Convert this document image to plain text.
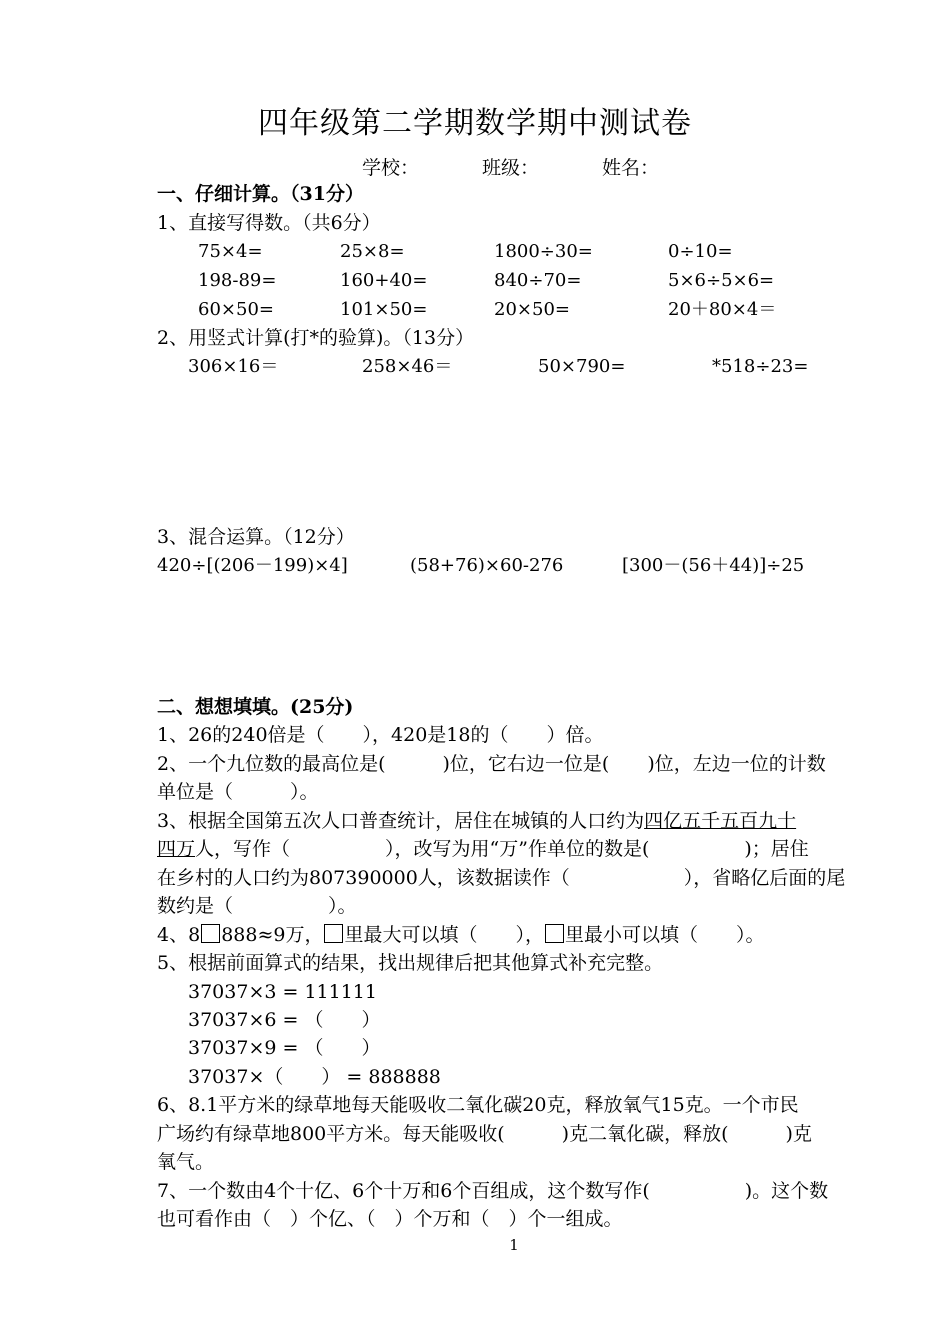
四年级第二学期数学期中测试卷
学校：	班级：	姓名：
一、仔细计算。（31分）
1、直接写得数。（共6分）
75×4=	25×8=	1800÷30=	0÷10=
198-89=	160+40=	840÷70=	5×6÷5×6=
60×50=	101×50=	20×50=	20＋80×4＝
2、用竖式计算(打*的验算)。（13分）
306×16＝	258×46＝	50×790=	*518÷23=
3、混合运算。（12分）
420÷[(206－199)×4]	(58+76)×60-276	[300－(56＋44)]÷25
二、想想填填。(25分)
1、26的240倍是（　　），420是18的（　　）倍。
2、一个九位数的最高位是(　　　)位，它右边一位是(　　)位，左边一位的计数
单位是（　　　）。
3、根据全国第五次人口普查统计，居住在城镇的人口约为四亿五千五百九十
四万人，写作（　　　　　），改写为用“万”作单位的数是(　　　　　)；居住
在乡村的人口约为807390000人，该数据读作（　　　　　　），省略亿后面的尾
数约是（　　　　　）。
4、8 888≈9万， 里最大可以填（　　）， 里最小可以填（　　）。
5、根据前面算式的结果，找出规律后把其他算式补充完整。
37037×3 = 111111
37037×6 = （　　）
37037×9 = （　　）
37037×（　　） = 888888
6、8.1平方米的绿草地每天能吸收二氧化碳20克，释放氧气15克。一个市民
广场约有绿草地800平方米。每天能吸收(　　　)克二氧化碳，释放(　　　)克
氧气。
7、一个数由4个十亿、6个十万和6个百组成，这个数写作(　　　　　)。这个数
也可看作由（　）个亿、（　）个万和（　）个一组成。
1
